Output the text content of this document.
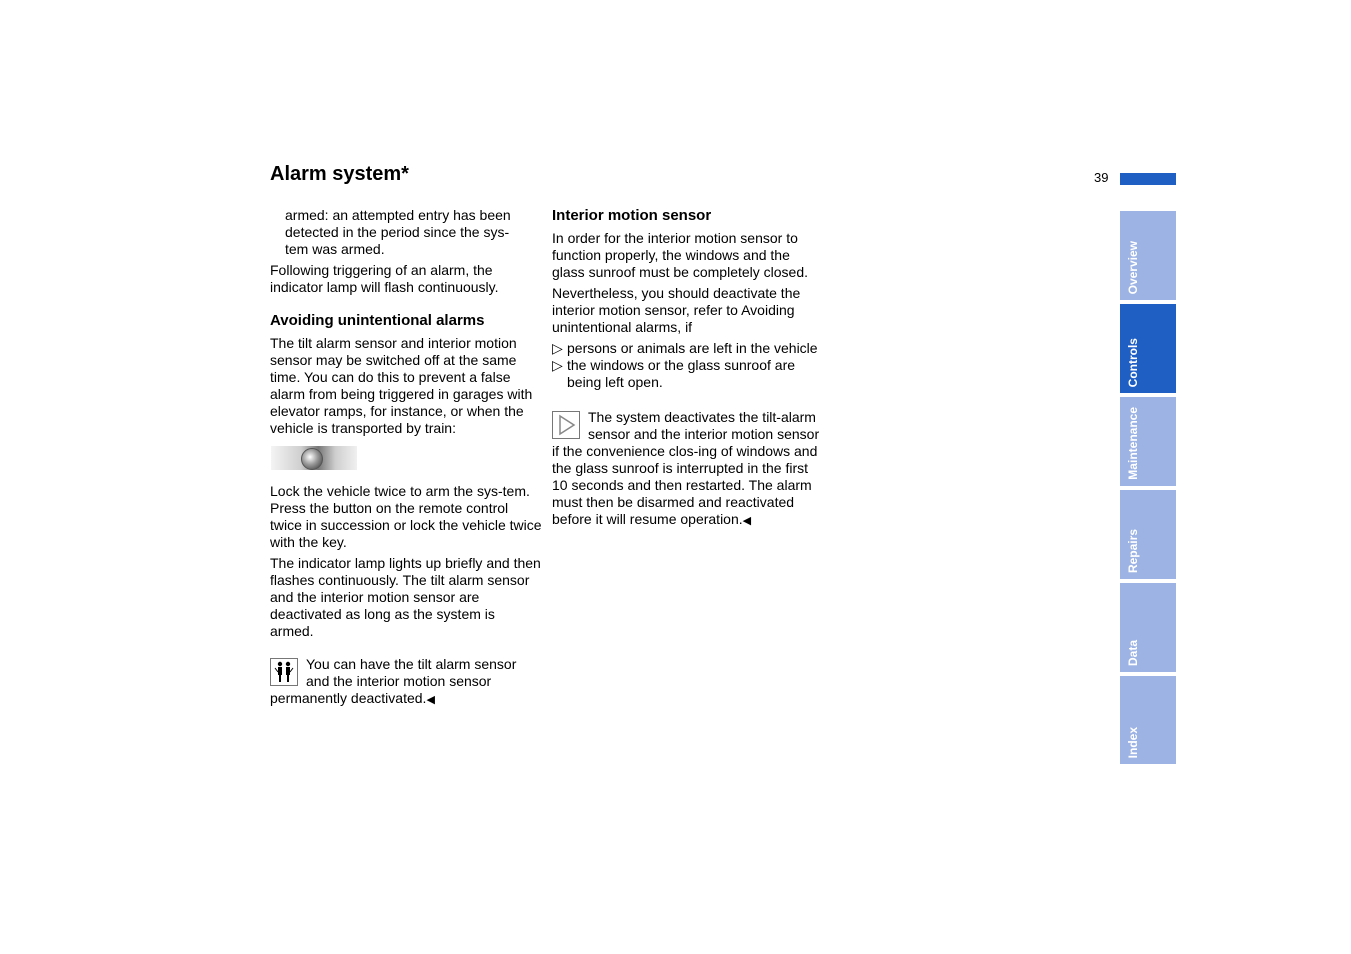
Alarm system*	39

armed: an attempted entry has been
detected in the period since the sys-
tem was armed.

Following triggering of an alarm, the indicator lamp will flash continuously.

Avoiding unintentional alarms

The tilt alarm sensor and interior motion sensor may be switched off at the same time. You can do this to prevent a false alarm from being triggered in garages with elevator ramps, for instance, or when the vehicle is transported by train:

Lock the vehicle twice to arm the sys-tem. Press the button on the remote control twice in succession or lock the vehicle twice with the key.

The indicator lamp lights up briefly and then flashes continuously. The tilt alarm sensor and the interior motion sensor are deactivated as long as the system is armed.

You can have the tilt alarm sensor and the interior motion sensor permanently deactivated.◀
Interior motion sensor

In order for the interior motion sensor to function properly, the windows and the glass sunroof must be completely closed.

Nevertheless, you should deactivate the interior motion sensor, refer to Avoiding unintentional alarms, if

▷ persons or animals are left in the vehicle
▷ the windows or the glass sunroof are being left open.
The system deactivates the tilt-alarm sensor and the interior motion sensor if the convenience clos-ing of windows and the glass sunroof is interrupted in the first 10 seconds and then restarted. The alarm must then be disarmed and reactivated before it will resume operation.◀
Overview
Controls
Maintenance
Repairs
Data
Index
